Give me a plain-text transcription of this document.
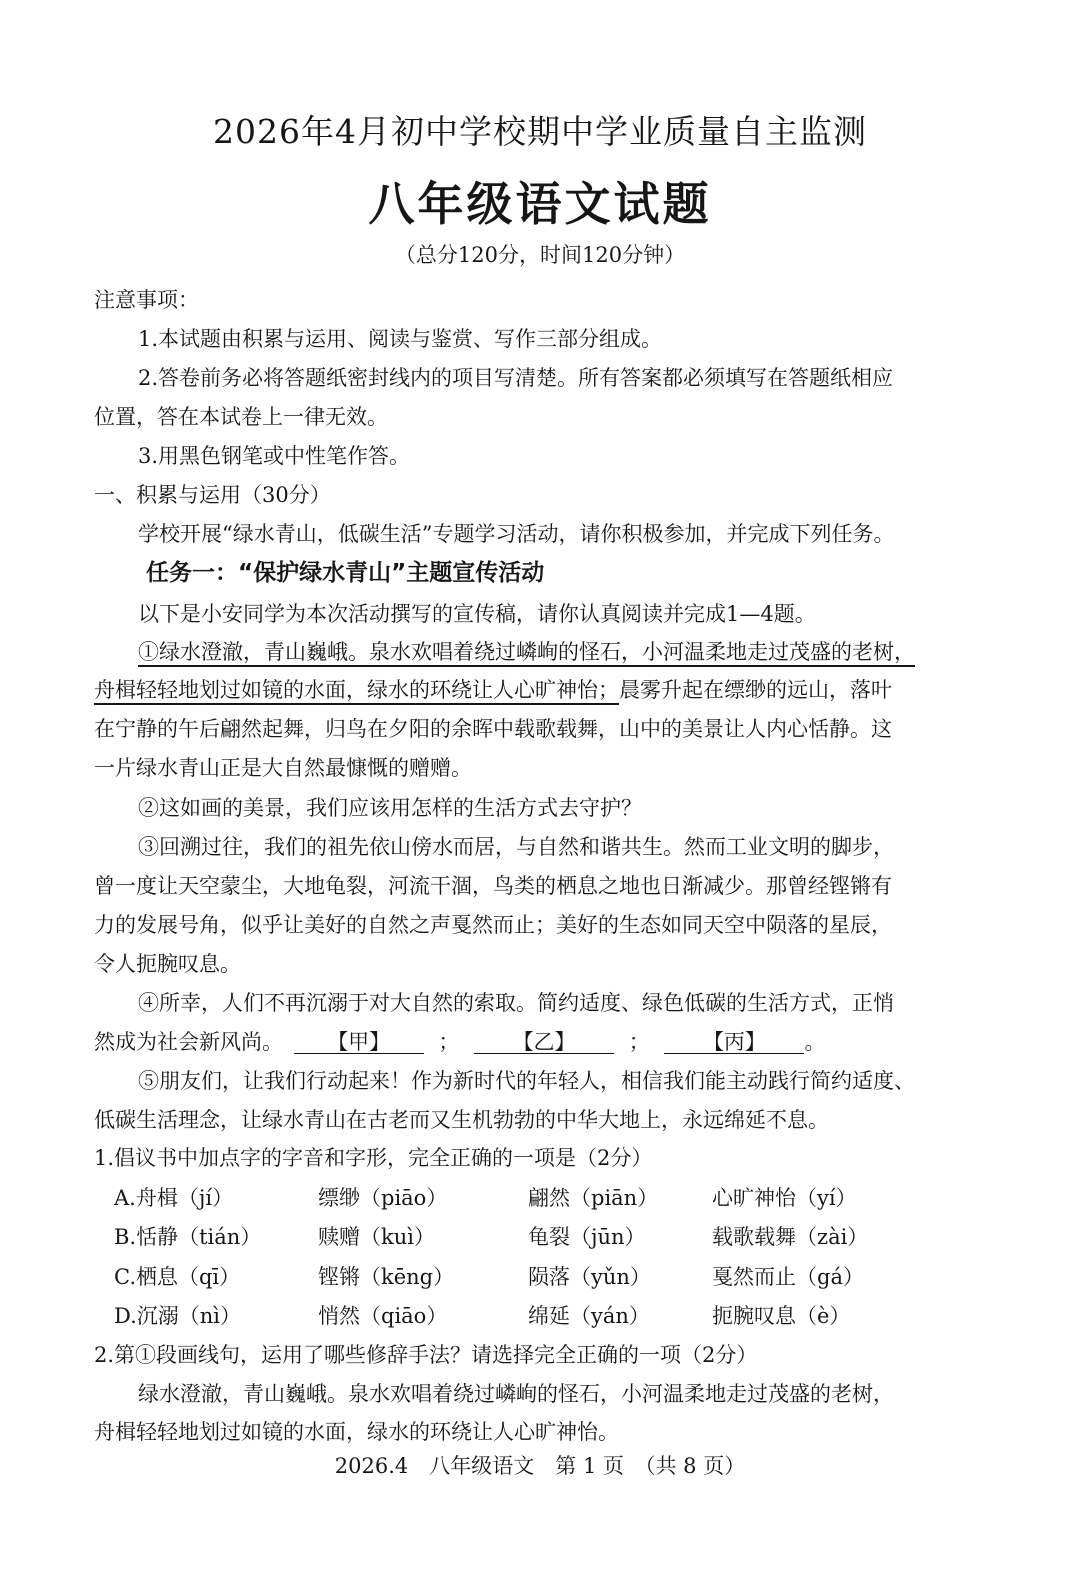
2026年4月初中学校期中学业质量自主监测
八年级语文试题
（总分120分，时间120分钟）
注意事项：
1.本试题由积累与运用、阅读与鉴赏、写作三部分组成。
2.答卷前务必将答题纸密封线内的项目写清楚。所有答案都必须填写在答题纸相应
位置，答在本试卷上一律无效。
3.用黑色钢笔或中性笔作答。
一、积累与运用（30分）
学校开展“绿水青山，低碳生活”专题学习活动，请你积极参加，并完成下列任务。
任务一：“保护绿水青山”主题宣传活动
以下是小安同学为本次活动撰写的宣传稿，请你认真阅读并完成1—4题。
①绿水澄澈，青山巍峨。泉水欢唱着绕过嶙峋的怪石，小河温柔地走过茂盛的老树，
舟楫轻轻地划过如镜的水面，绿水的环绕让人心旷神怡；晨雾升起在缥缈的远山，落叶
在宁静的午后翩然起舞，归鸟在夕阳的余晖中载歌载舞，山中的美景让人内心恬静。这
一片绿水青山正是大自然最慷慨的赠赠。
②这如画的美景，我们应该用怎样的生活方式去守护？
③回溯过往，我们的祖先依山傍水而居，与自然和谐共生。然而工业文明的脚步，
曾一度让天空蒙尘，大地龟裂，河流干涸，鸟类的栖息之地也日渐减少。那曾经铿锵有
力的发展号角，似乎让美好的自然之声戛然而止；美好的生态如同天空中陨落的星辰，
令人扼腕叹息。
④所幸，人们不再沉溺于对大自然的索取。简约适度、绿色低碳的生活方式，正悄
然成为社会新风尚。 【甲】 ；	【乙】	；	【丙】 。
⑤朋友们，让我们行动起来！作为新时代的年轻人，相信我们能主动践行简约适度、
低碳生活理念，让绿水青山在古老而又生机勃勃的中华大地上，永远绵延不息。
1.倡议书中加点字的字音和字形，完全正确的一项是（2分）
A.舟楫（jí）	缥缈（piāo）	翩然（piān）	心旷神怡（yí）
B.恬静（tián）	赎赠（kuì）	龟裂（jūn）	载歌载舞（zài）
C.栖息（qī）	铿锵（kēng）	陨落（yǔn）	戛然而止（gá）
D.沉溺（nì）	悄然（qiāo）	绵延（yán）	扼腕叹息（è）
2.第①段画线句，运用了哪些修辞手法？请选择完全正确的一项（2分）
绿水澄澈，青山巍峨。泉水欢唱着绕过嶙峋的怪石，小河温柔地走过茂盛的老树，
舟楫轻轻地划过如镜的水面，绿水的环绕让人心旷神怡。
2026.4　八年级语文　第 1 页　（共 8 页）
